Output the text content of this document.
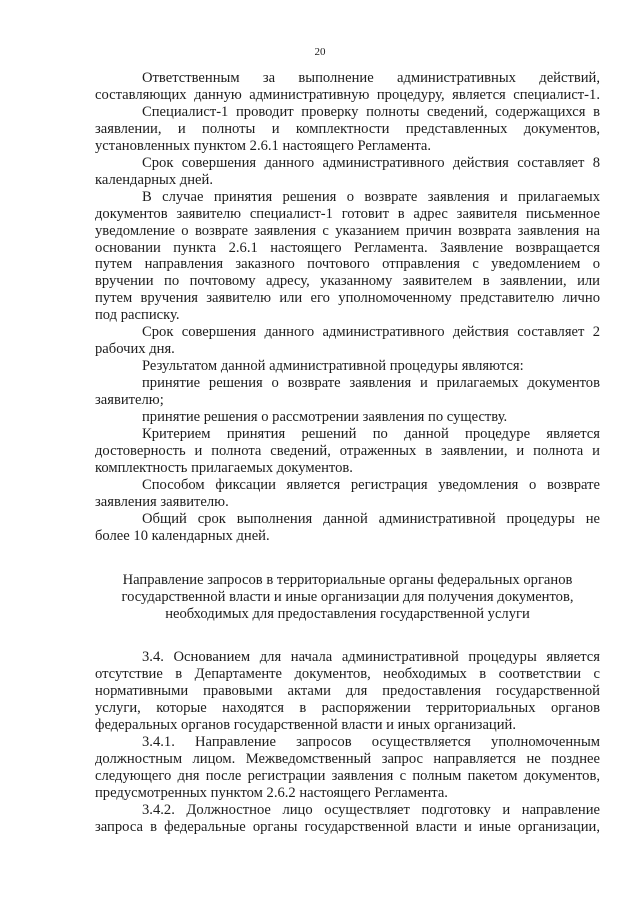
20
Ответственным за выполнение административных действий,
составляющих данную административную процедуру, является специалист-1.
Специалист-1 проводит проверку полноты сведений, содержащихся в
заявлении, и полноты и комплектности представленных документов,
установленных пунктом 2.6.1 настоящего Регламента.
Срок совершения данного административного действия составляет 8
календарных дней.
В случае принятия решения о возврате заявления и прилагаемых
документов заявителю специалист-1 готовит в адрес заявителя письменное
уведомление о возврате заявления с указанием причин возврата заявления на
основании пункта 2.6.1 настоящего Регламента. Заявление возвращается
путем направления заказного почтового отправления с уведомлением о
вручении по почтовому адресу, указанному заявителем в заявлении, или
путем вручения заявителю или его уполномоченному представителю лично
под расписку.
Срок совершения данного административного действия составляет 2
рабочих дня.
Результатом данной административной процедуры являются:
принятие решения о возврате заявления и прилагаемых документов
заявителю;
принятие решения о рассмотрении заявления по существу.
Критерием принятия решений по данной процедуре является
достоверность и полнота сведений, отраженных в заявлении, и полнота и
комплектность прилагаемых документов.
Способом фиксации является регистрация уведомления о возврате
заявления заявителю.
Общий срок выполнения данной административной процедуры не
более 10 календарных дней.
Направление запросов в территориальные органы федеральных органов
государственной власти и иные организации для получения документов,
необходимых для предоставления государственной услуги
3.4. Основанием для начала административной процедуры является
отсутствие в Департаменте документов, необходимых в соответствии с
нормативными правовыми актами для предоставления государственной
услуги, которые находятся в распоряжении территориальных органов
федеральных органов государственной власти и иных организаций.
3.4.1. Направление запросов осуществляется уполномоченным
должностным лицом. Межведомственный запрос направляется не позднее
следующего дня после регистрации заявления с полным пакетом документов,
предусмотренных пунктом 2.6.2 настоящего Регламента.
3.4.2. Должностное лицо осуществляет подготовку и направление
запроса в федеральные органы государственной власти и иные организации,
